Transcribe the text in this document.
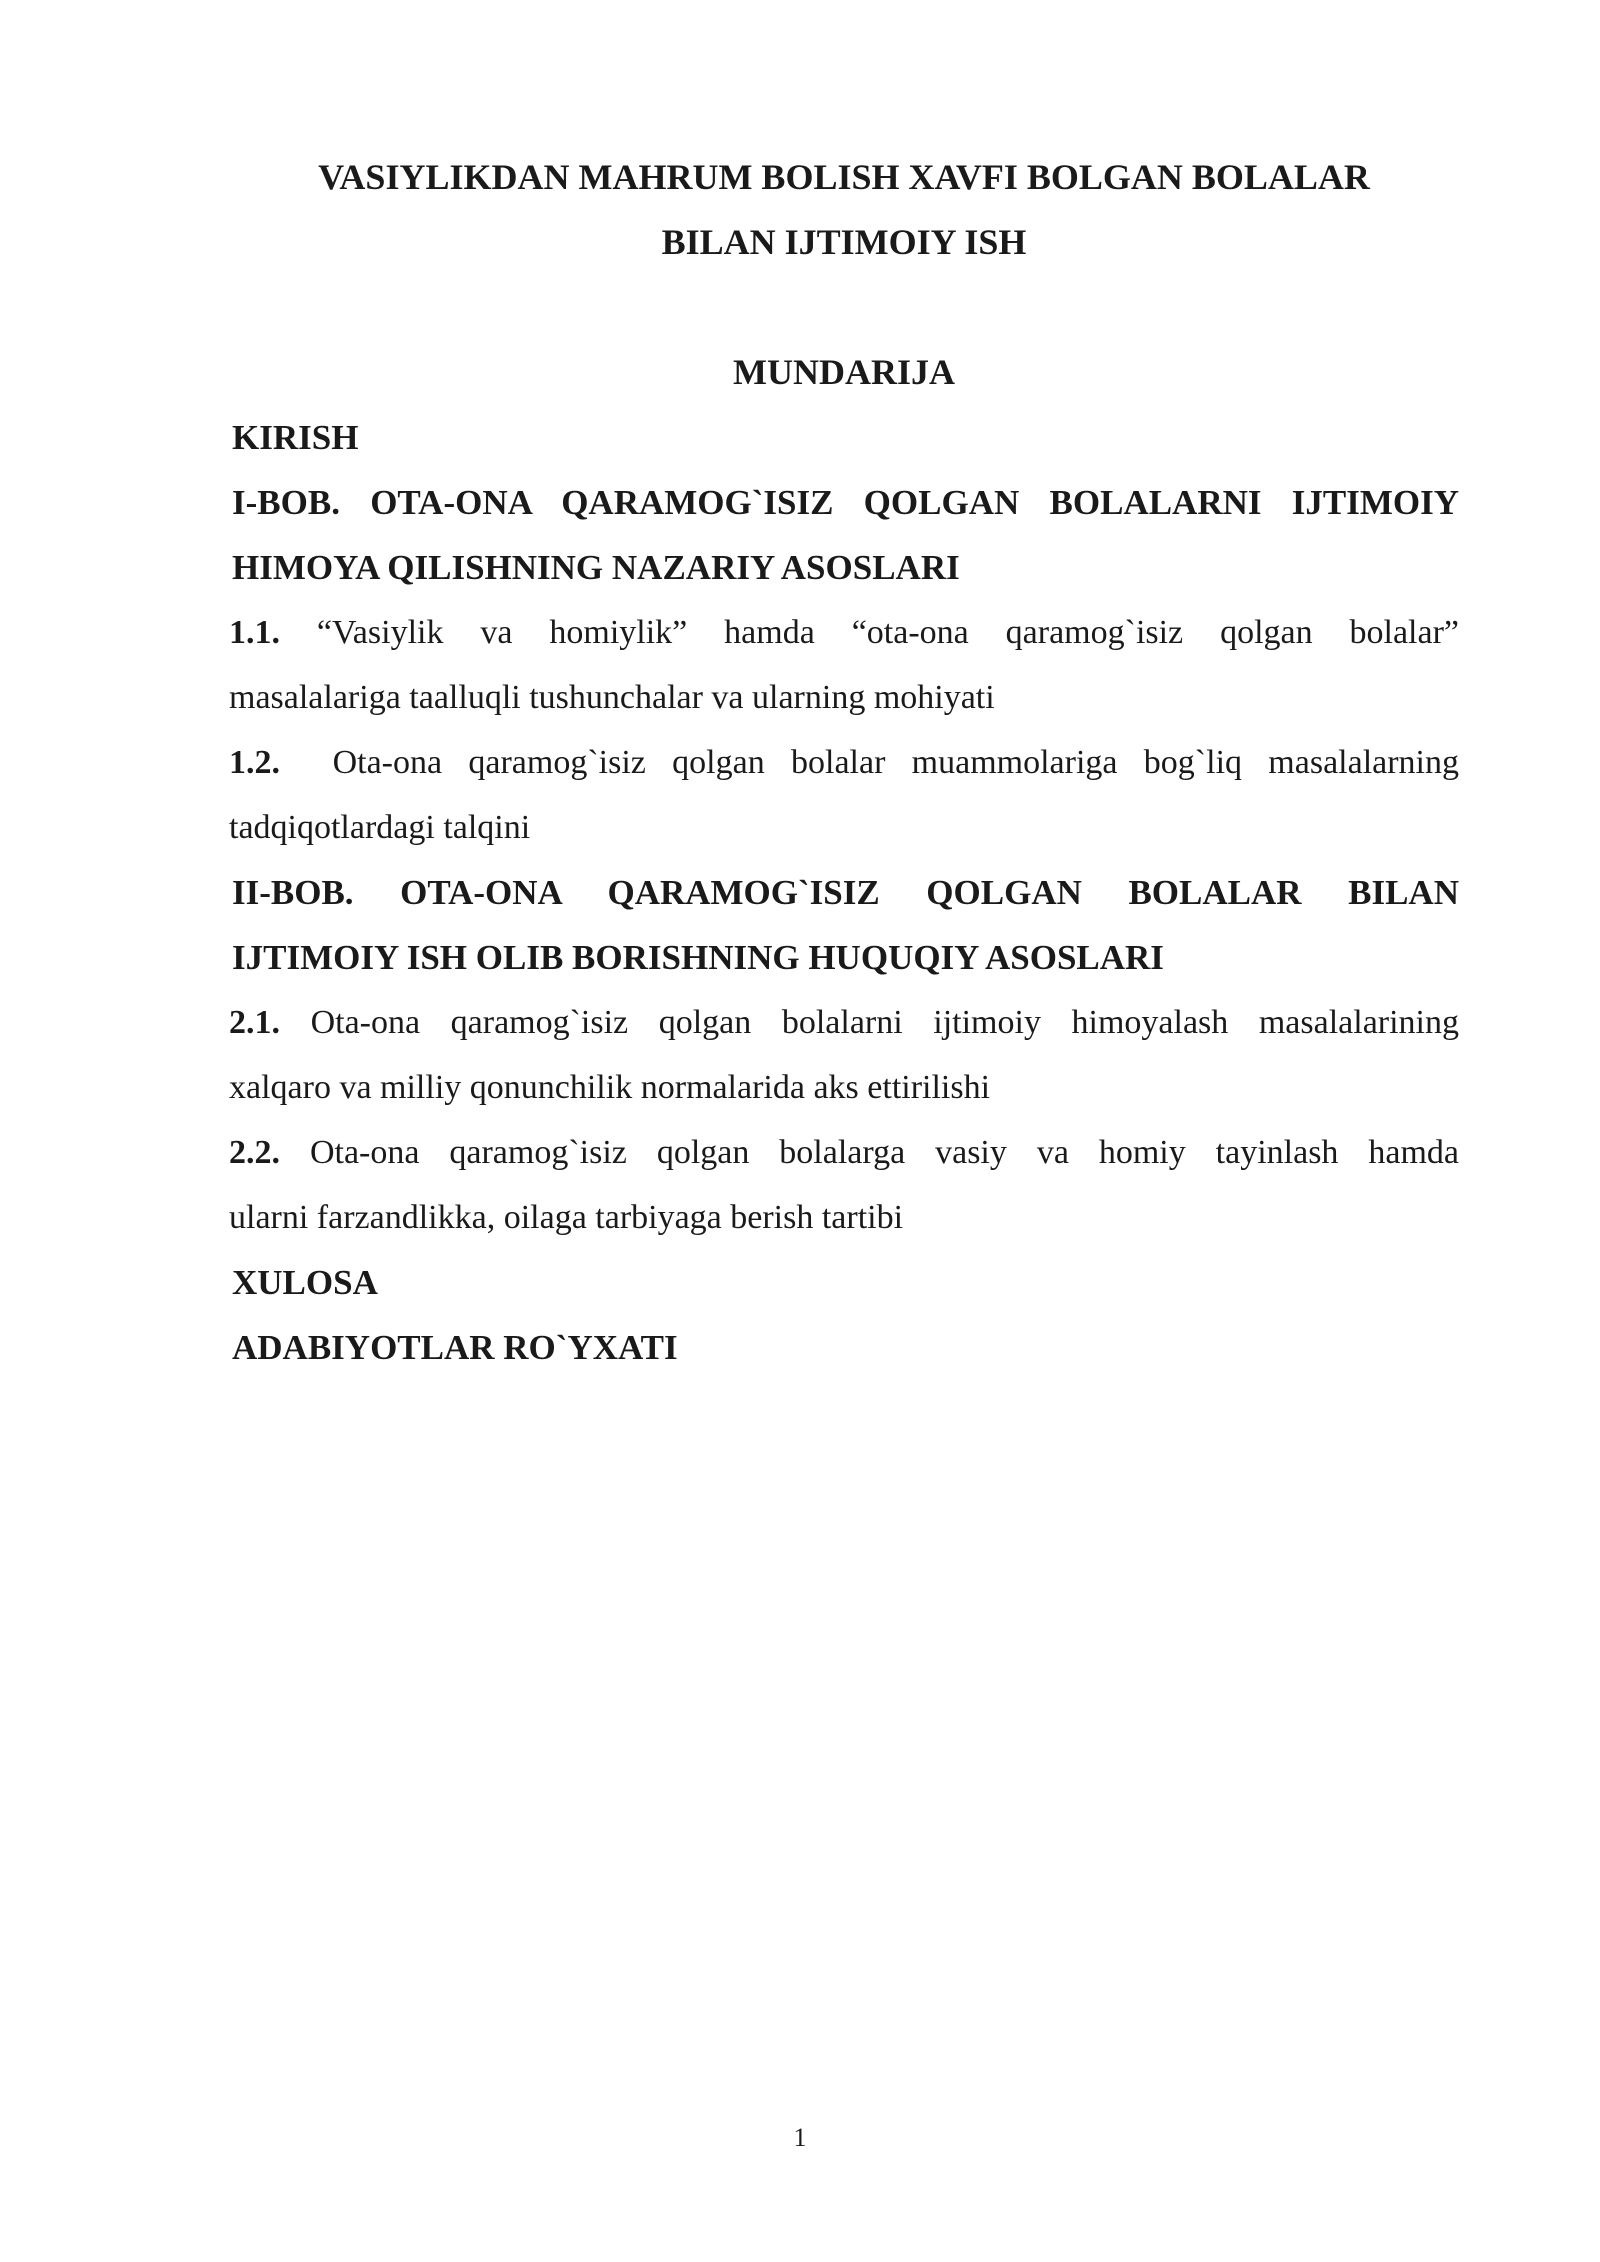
VASIYLIKDAN MAHRUM BOLISH XAVFI BOLGAN BOLALAR
BILAN IJTIMOIY ISH
MUNDARIJA
KIRISH
I-BOB. OTA-ONA QARAMOG`ISIZ QOLGAN BOLALARNI IJTIMOIY
HIMOYA QILISHNING NAZARIY ASOSLARI
1.1. “Vasiylik va homiylik” hamda “ota-ona qaramog`isiz qolgan bolalar”
masalalariga taalluqli tushunchalar va ularning mohiyati
1.2. Ota-ona qaramog`isiz qolgan bolalar muammolariga bog`liq masalalarning
tadqiqotlardagi talqini
II-BOB. OTA-ONA QARAMOG`ISIZ QOLGAN BOLALAR BILAN
IJTIMOIY ISH OLIB BORISHNING HUQUQIY ASOSLARI
2.1. Ota-ona qaramog`isiz qolgan bolalarni ijtimoiy himoyalash masalalarining
xalqaro va milliy qonunchilik normalarida aks ettirilishi
2.2. Ota-ona qaramog`isiz qolgan bolalarga vasiy va homiy tayinlash hamda
ularni farzandlikka, oilaga tarbiyaga berish tartibi
XULOSA
ADABIYOTLAR RO`YXATI
1
